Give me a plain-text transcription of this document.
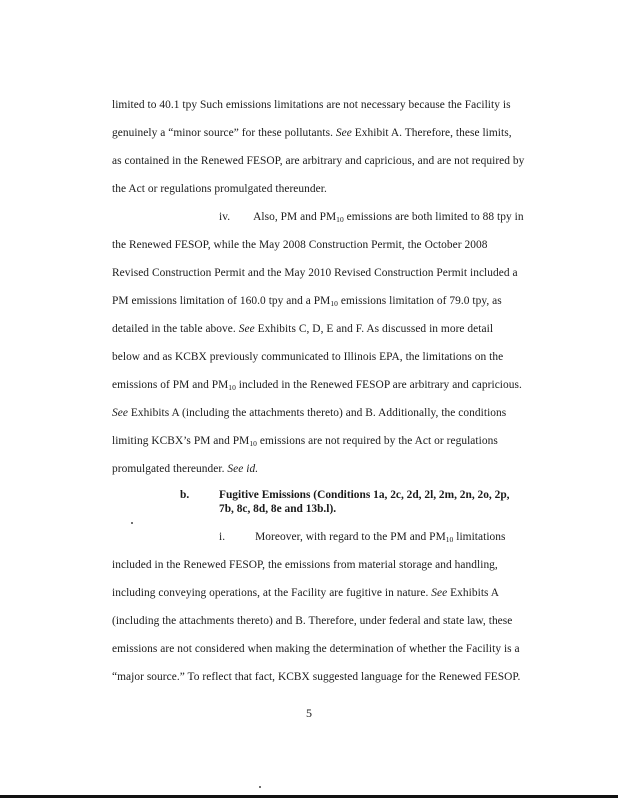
limited to 40.1 tpy Such emissions limitations are not necessary because the Facility is
genuinely a “minor source” for these pollutants. See Exhibit A. Therefore, these limits,
as contained in the Renewed FESOP, are arbitrary and capricious, and are not required by
the Act or regulations promulgated thereunder.
iv. Also, PM and $PM_{10}$ emissions are both limited to 88 tpy in
the Renewed FESOP, while the May 2008 Construction Permit, the October 2008
Revised Construction Permit and the May 2010 Revised Construction Permit included a
PM emissions limitation of 160.0 tpy and a $PM_{10}$ emissions limitation of 79.0 tpy, as
detailed in the table above. See Exhibits C, D, E and F. As discussed in more detail
below and as KCBX previously communicated to Illinois EPA, the limitations on the
emissions of PM and $PM_{10}$ included in the Renewed FESOP are arbitrary and capricious.
See Exhibits A (including the attachments thereto) and B. Additionally, the conditions
limiting KCBX’s PM and $PM_{10}$ emissions are not required by the Act or regulations
promulgated thereunder. See id.
b.	Fugitive Emissions (Conditions 1a, 2c, 2d, 2l, 2m, 2n, 2o, 2p,
7b, 8c, 8d, 8e and 13b.l).
i.	Moreover, with regard to the PM and $PM_{10}$ limitations
included in the Renewed FESOP, the emissions from material storage and handling,
including conveying operations, at the Facility are fugitive in nature. See Exhibits A
(including the attachments thereto) and B. Therefore, under federal and state law, these
emissions are not considered when making the determination of whether the Facility is a
“major source.” To reflect that fact, KCBX suggested language for the Renewed FESOP.
5
